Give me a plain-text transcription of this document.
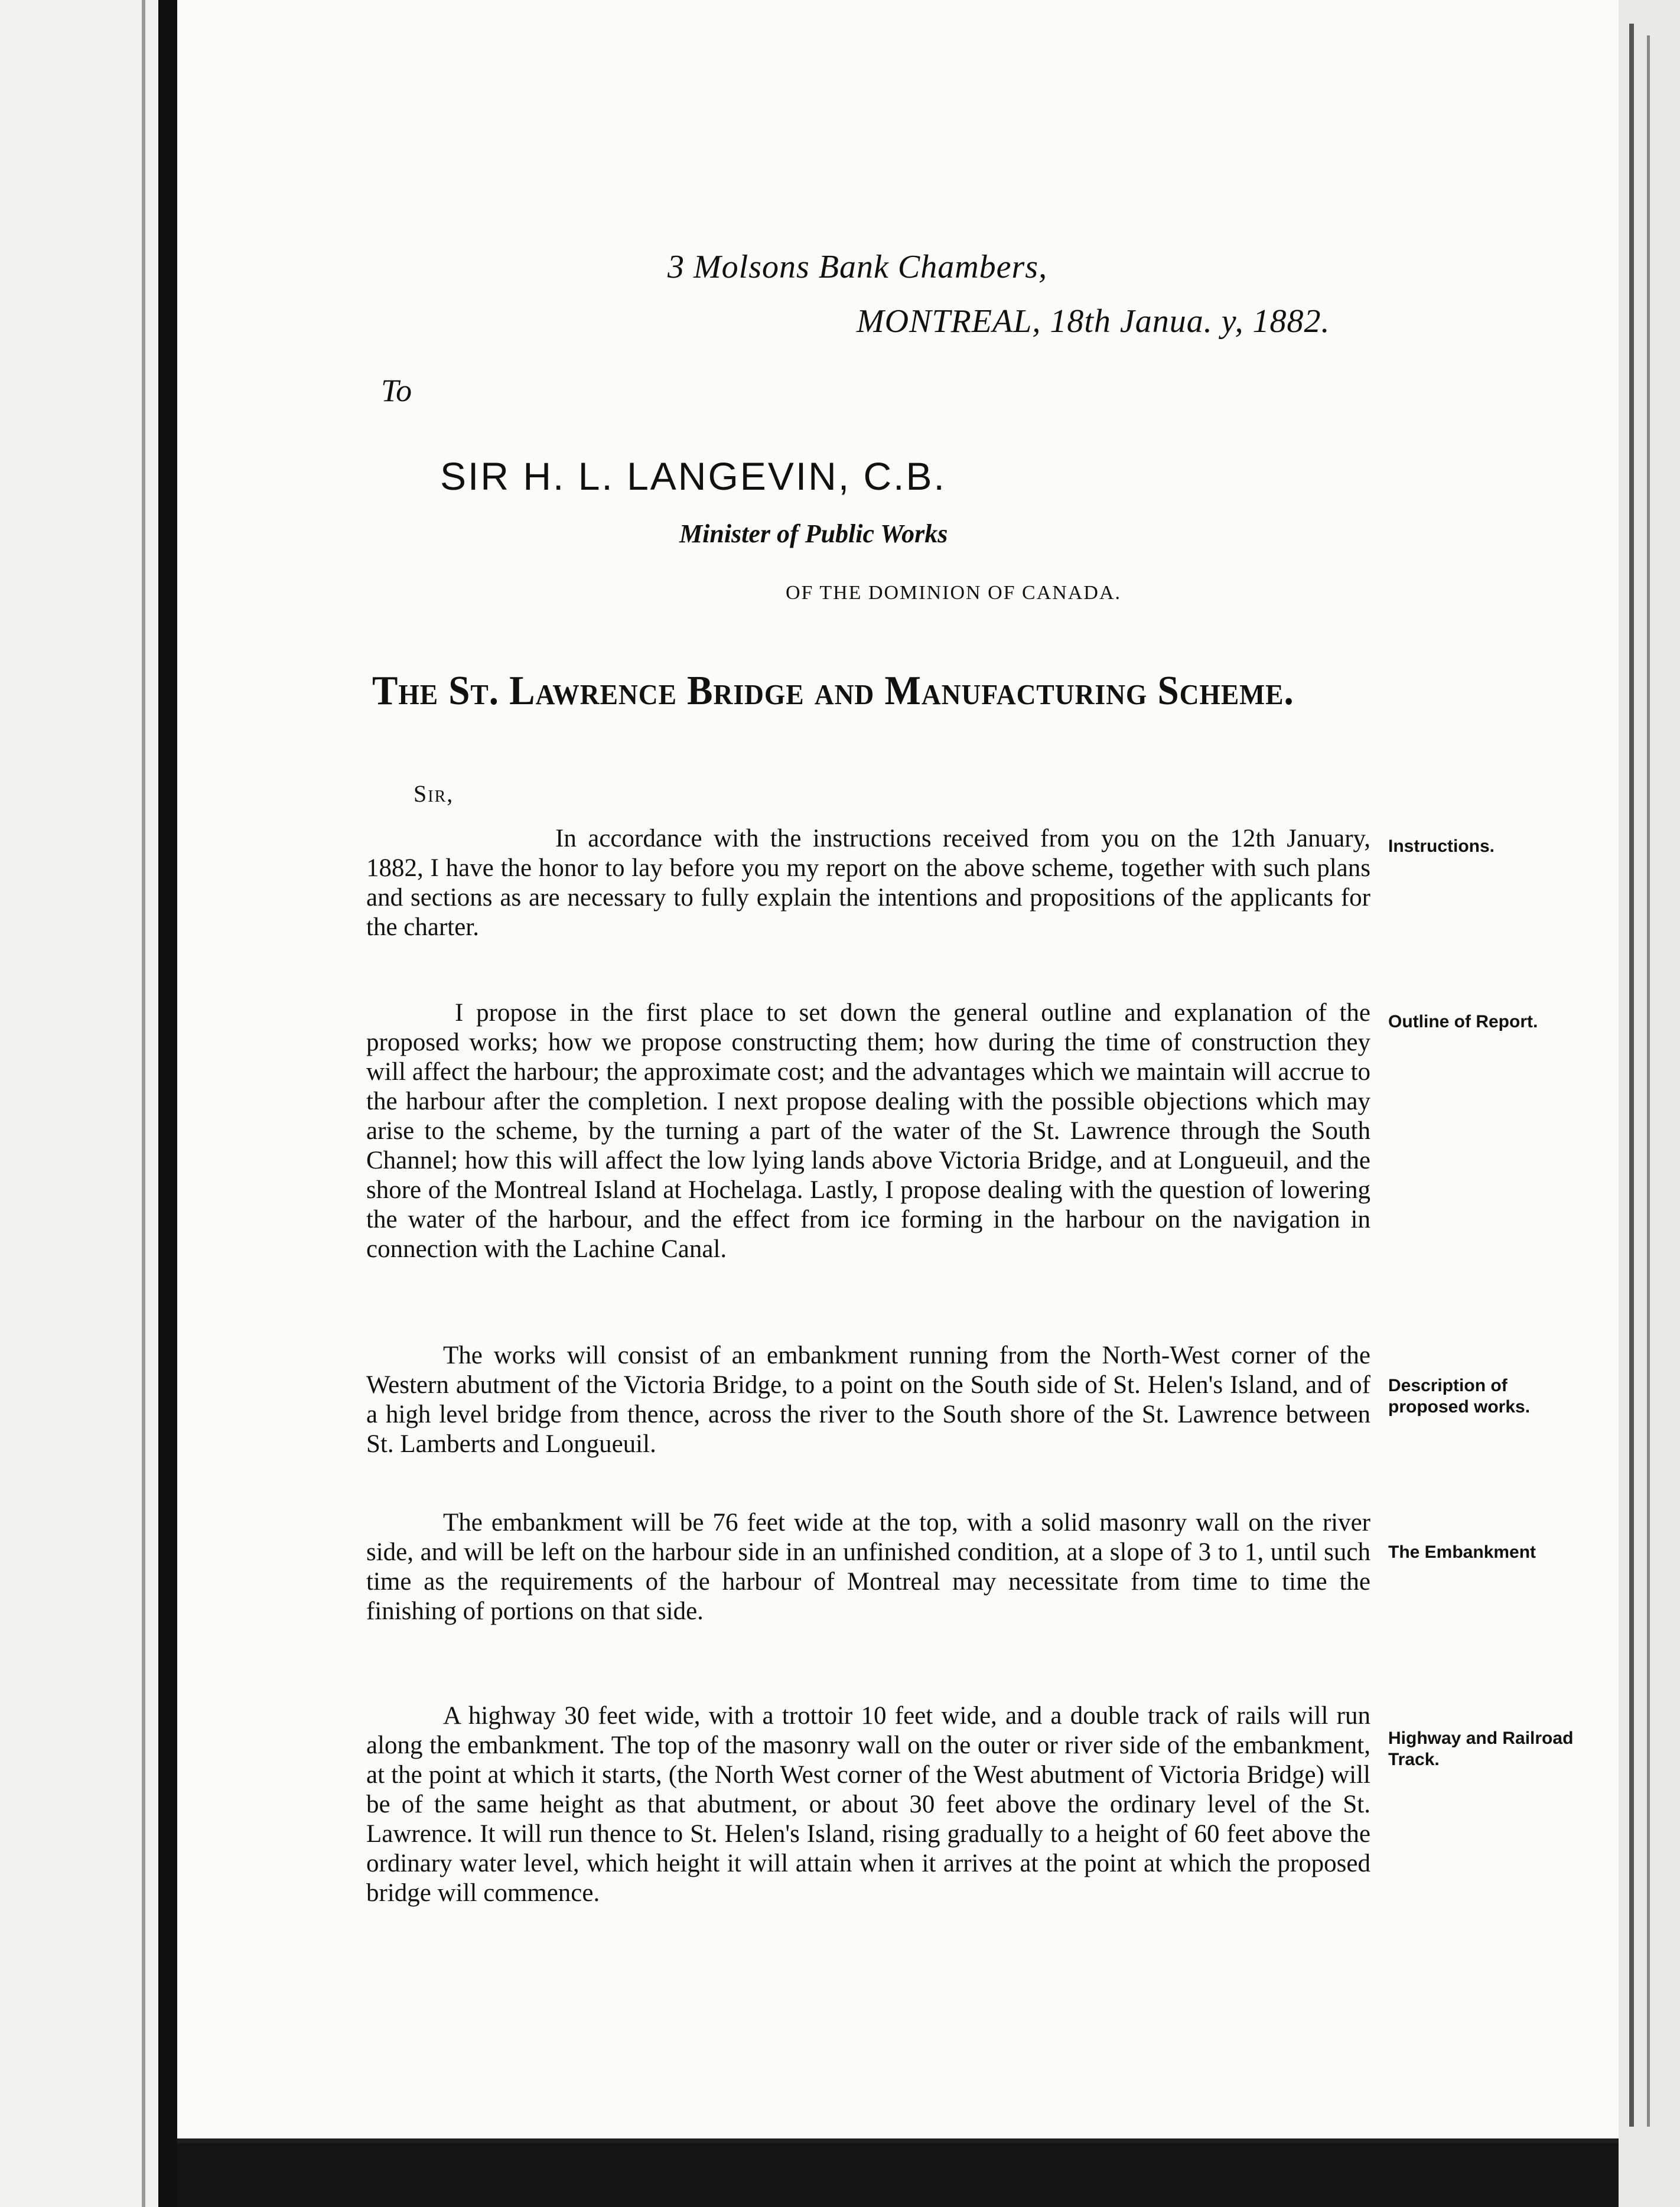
3 Molsons Bank Chambers,
MONTREAL, 18th Janua. y, 1882.
To
SIR H. L. LANGEVIN, C.B.
Minister of Public Works
OF THE DOMINION OF CANADA.
The St. Lawrence Bridge and Manufacturing Scheme.
Sir,
In accordance with the instructions received from you on the 12th January, 1882, I have the honor to lay before you my report on the above scheme, together with such plans and sections as are necessary to fully explain the intentions and propositions of the applicants for the charter.
Instructions.
I propose in the first place to set down the general outline and explanation of the proposed works; how we propose constructing them; how during the time of construction they will affect the harbour; the approximate cost; and the advantages which we maintain will accrue to the harbour after the completion. I next propose dealing with the possible objections which may arise to the scheme, by the turning a part of the water of the St. Lawrence through the South Channel; how this will affect the low lying lands above Victoria Bridge, and at Longueuil, and the shore of the Montreal Island at Hochelaga. Lastly, I propose dealing with the question of lowering the water of the harbour, and the effect from ice forming in the harbour on the navigation in connection with the Lachine Canal.
Outline of Report.
The works will consist of an embankment running from the North-West corner of the Western abutment of the Victoria Bridge, to a point on the South side of St. Helen's Island, and of a high level bridge from thence, across the river to the South shore of the St. Lawrence between St. Lamberts and Longueuil.
Description of proposed works.
The embankment will be 76 feet wide at the top, with a solid masonry wall on the river side, and will be left on the harbour side in an unfinished condition, at a slope of 3 to 1, until such time as the requirements of the harbour of Montreal may necessitate from time to time the finishing of portions on that side.
The Embankment
A highway 30 feet wide, with a trottoir 10 feet wide, and a double track of rails will run along the embankment. The top of the masonry wall on the outer or river side of the embankment, at the point at which it starts, (the North West corner of the West abutment of Victoria Bridge) will be of the same height as that abutment, or about 30 feet above the ordinary level of the St. Lawrence. It will run thence to St. Helen's Island, rising gradually to a height of 60 feet above the ordinary water level, which height it will attain when it arrives at the point at which the proposed bridge will commence.
Highway and Railroad Track.
